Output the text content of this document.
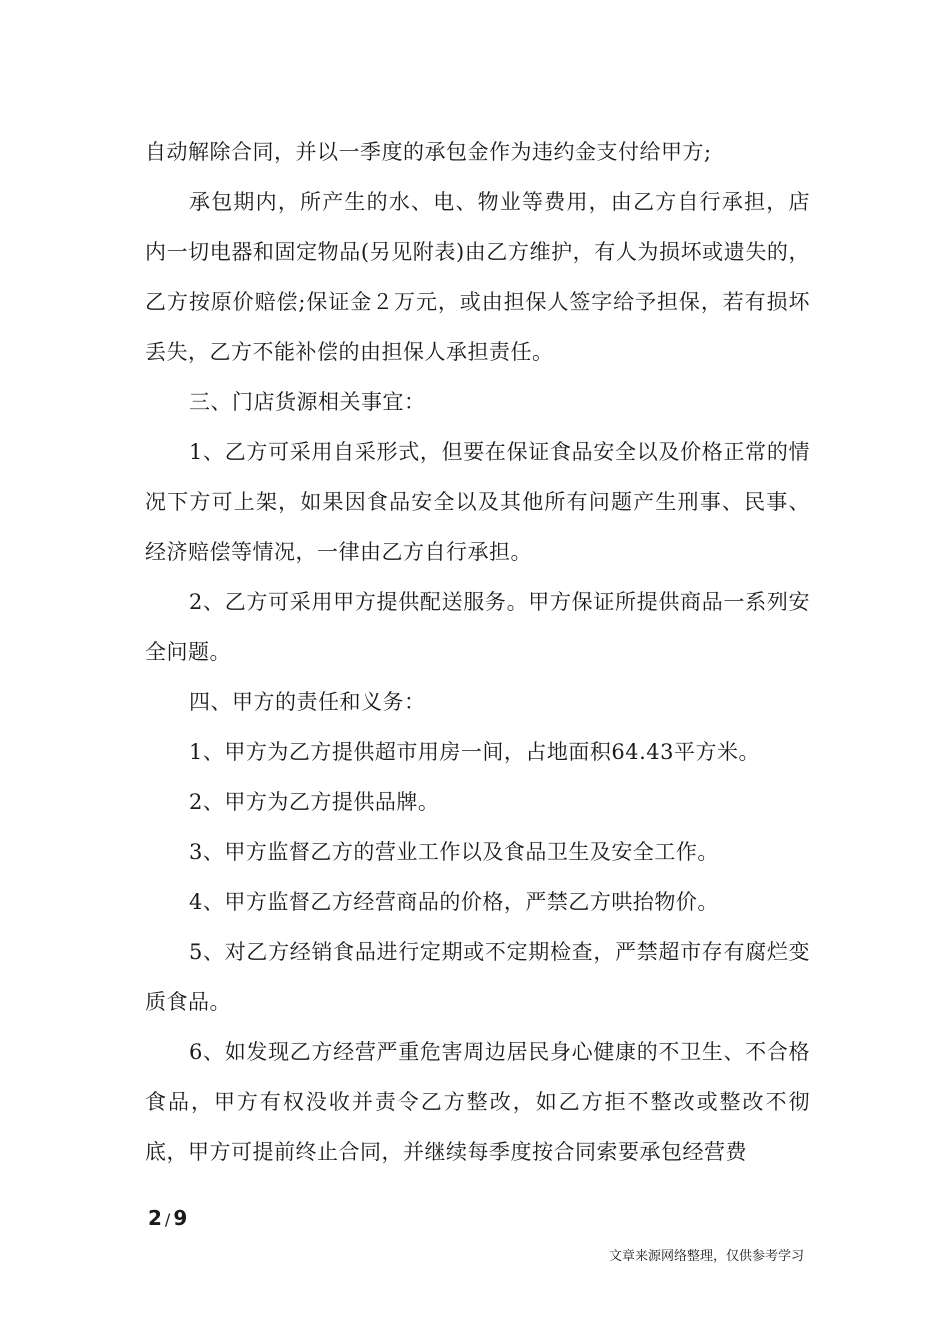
自动解除合同，并以一季度的承包金作为违约金支付给甲方;

承包期内，所产生的水、电、物业等费用，由乙方自行承担，店内一切电器和固定物品(另见附表)由乙方维护，有人为损坏或遗失的，乙方按原价赔偿;保证金２万元，或由担保人签字给予担保，若有损坏丢失，乙方不能补偿的由担保人承担责任。

三、门店货源相关事宜：

1、乙方可采用自采形式，但要在保证食品安全以及价格正常的情况下方可上架，如果因食品安全以及其他所有问题产生刑事、民事、经济赔偿等情况，一律由乙方自行承担。

2、乙方可采用甲方提供配送服务。甲方保证所提供商品一系列安全问题。

四、甲方的责任和义务：

1、甲方为乙方提供超市用房一间，占地面积64.43平方米。

2、甲方为乙方提供品牌。

3、甲方监督乙方的营业工作以及食品卫生及安全工作。

4、甲方监督乙方经营商品的价格，严禁乙方哄抬物价。

5、对乙方经销食品进行定期或不定期检查，严禁超市存有腐烂变质食品。

6、如发现乙方经营严重危害周边居民身心健康的不卫生、不合格食品，甲方有权没收并责令乙方整改，如乙方拒不整改或整改不彻底，甲方可提前终止合同，并继续每季度按合同索要承包经营费

2 / 9
文章来源网络整理，仅供参考学习
